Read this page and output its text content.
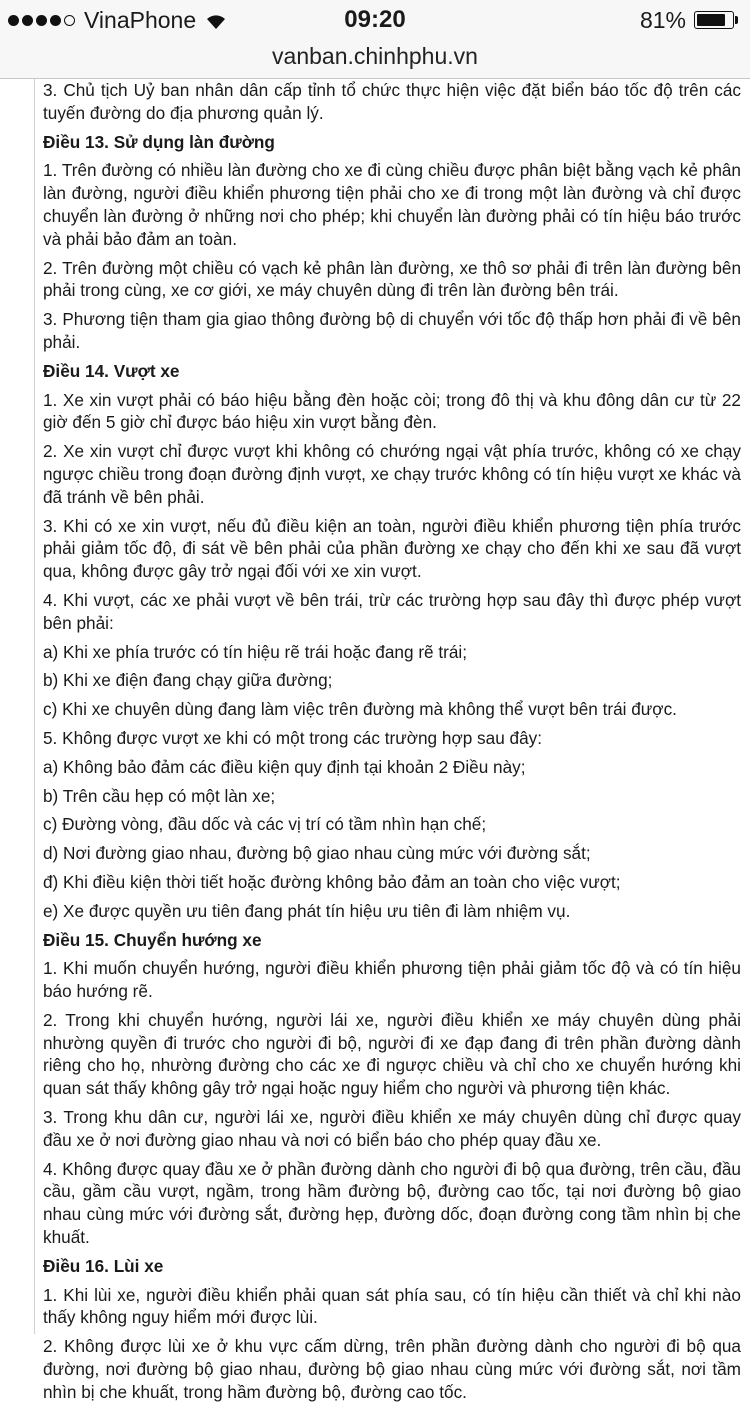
VinaPhone	09:20	81%
vanban.chinhphu.vn

3. Chủ tịch Uỷ ban nhân dân cấp tỉnh tổ chức thực hiện việc đặt biển báo tốc độ trên các tuyến đường do địa phương quản lý.

Điều 13. Sử dụng làn đường

1. Trên đường có nhiều làn đường cho xe đi cùng chiều được phân biệt bằng vạch kẻ phân làn đường, người điều khiển phương tiện phải cho xe đi trong một làn đường và chỉ được chuyển làn đường ở những nơi cho phép; khi chuyển làn đường phải có tín hiệu báo trước và phải bảo đảm an toàn.

2. Trên đường một chiều có vạch kẻ phân làn đường, xe thô sơ phải đi trên làn đường bên phải trong cùng, xe cơ giới, xe máy chuyên dùng đi trên làn đường bên trái.

3. Phương tiện tham gia giao thông đường bộ di chuyển với tốc độ thấp hơn phải đi về bên phải.

Điều 14. Vượt xe

1. Xe xin vượt phải có báo hiệu bằng đèn hoặc còi; trong đô thị và khu đông dân cư từ 22 giờ đến 5 giờ chỉ được báo hiệu xin vượt bằng đèn.

2. Xe xin vượt chỉ được vượt khi không có chướng ngại vật phía trước, không có xe chạy ngược chiều trong đoạn đường định vượt, xe chạy trước không có tín hiệu vượt xe khác và đã tránh về bên phải.

3. Khi có xe xin vượt, nếu đủ điều kiện an toàn, người điều khiển phương tiện phía trước phải giảm tốc độ, đi sát về bên phải của phần đường xe chạy cho đến khi xe sau đã vượt qua, không được gây trở ngại đối với xe xin vượt.

4. Khi vượt, các xe phải vượt về bên trái, trừ các trường hợp sau đây thì được phép vượt bên phải:

a) Khi xe phía trước có tín hiệu rẽ trái hoặc đang rẽ trái;

b) Khi xe điện đang chạy giữa đường;

c) Khi xe chuyên dùng đang làm việc trên đường mà không thể vượt bên trái được.

5. Không được vượt xe khi có một trong các trường hợp sau đây:

a) Không bảo đảm các điều kiện quy định tại khoản 2 Điều này;

b) Trên cầu hẹp có một làn xe;

c) Đường vòng, đầu dốc và các vị trí có tầm nhìn hạn chế;

d) Nơi đường giao nhau, đường bộ giao nhau cùng mức với đường sắt;

đ) Khi điều kiện thời tiết hoặc đường không bảo đảm an toàn cho việc vượt;

e) Xe được quyền ưu tiên đang phát tín hiệu ưu tiên đi làm nhiệm vụ.

Điều 15. Chuyển hướng xe

1. Khi muốn chuyển hướng, người điều khiển phương tiện phải giảm tốc độ và có tín hiệu báo hướng rẽ.

2. Trong khi chuyển hướng, người lái xe, người điều khiển xe máy chuyên dùng phải nhường quyền đi trước cho người đi bộ, người đi xe đạp đang đi trên phần đường dành riêng cho họ, nhường đường cho các xe đi ngược chiều và chỉ cho xe chuyển hướng khi quan sát thấy không gây trở ngại hoặc nguy hiểm cho người và phương tiện khác.

3. Trong khu dân cư, người lái xe, người điều khiển xe máy chuyên dùng chỉ được quay đầu xe ở nơi đường giao nhau và nơi có biển báo cho phép quay đầu xe.

4. Không được quay đầu xe ở phần đường dành cho người đi bộ qua đường, trên cầu, đầu cầu, gầm cầu vượt, ngầm, trong hầm đường bộ, đường cao tốc, tại nơi đường bộ giao nhau cùng mức với đường sắt, đường hẹp, đường dốc, đoạn đường cong tầm nhìn bị che khuất.

Điều 16. Lùi xe

1. Khi lùi xe, người điều khiển phải quan sát phía sau, có tín hiệu cần thiết và chỉ khi nào thấy không nguy hiểm mới được lùi.

2. Không được lùi xe ở khu vực cấm dừng, trên phần đường dành cho người đi bộ qua đường, nơi đường bộ giao nhau, đường bộ giao nhau cùng mức với đường sắt, nơi tầm nhìn bị che khuất, trong hầm đường bộ, đường cao tốc.
